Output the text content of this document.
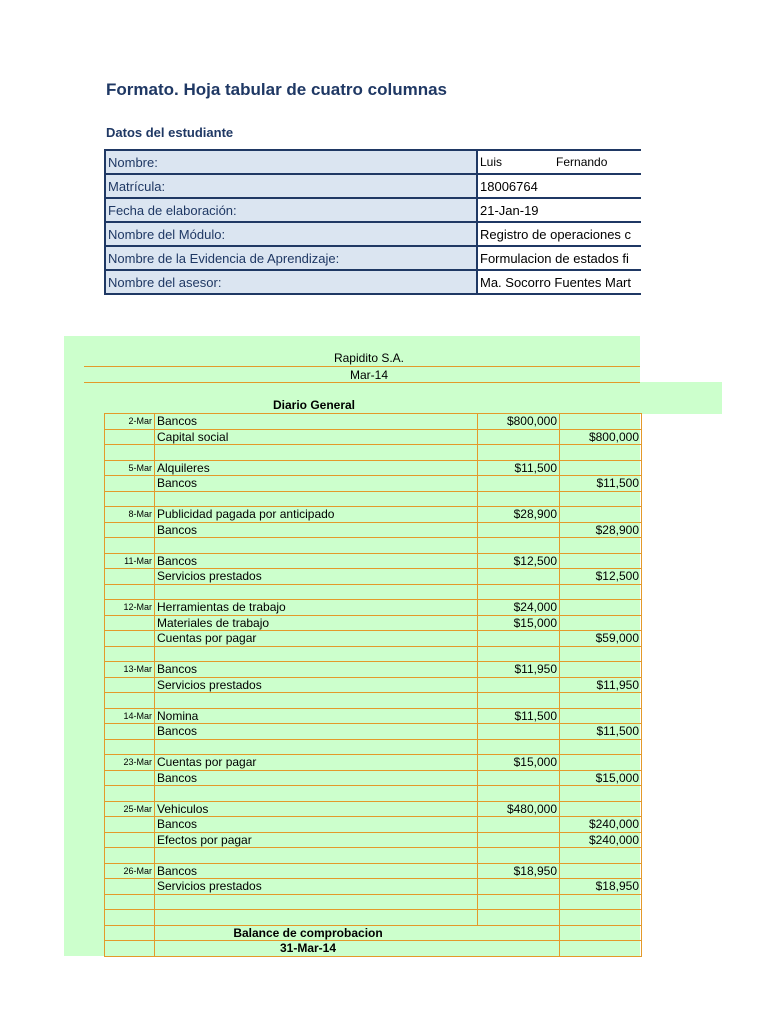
Formato. Hoja tabular de cuatro columnas
Datos del estudiante
Nombre:	Luis Fernando
Matrícula:	18006764
Fecha de elaboración:	21-Jan-19
Nombre del Módulo:	Registro de operaciones c
Nombre de la Evidencia de Aprendizaje:	Formulacion de estados fi
Nombre del asesor:	Ma. Socorro Fuentes Mart
Rapidito S.A.
Mar-14
Diario General
2-Mar	Bancos	$800,000	
	Capital social		$800,000

5-Mar	Alquileres	$11,500	
	Bancos		$11,500

8-Mar	Publicidad pagada por anticipado	$28,900	
	Bancos		$28,900

11-Mar	Bancos	$12,500	
	Servicios prestados		$12,500

12-Mar	Herramientas de trabajo	$24,000	
	Materiales de trabajo	$15,000	
	Cuentas por pagar		$59,000

13-Mar	Bancos	$11,950	
	Servicios prestados		$11,950

14-Mar	Nomina	$11,500	
	Bancos		$11,500

23-Mar	Cuentas por pagar	$15,000	
	Bancos		$15,000

25-Mar	Vehiculos	$480,000	
	Bancos		$240,000
	Efectos por pagar		$240,000

26-Mar	Bancos	$18,950	
	Servicios prestados		$18,950

	Balance de comprobacion		
	31-Mar-14		
